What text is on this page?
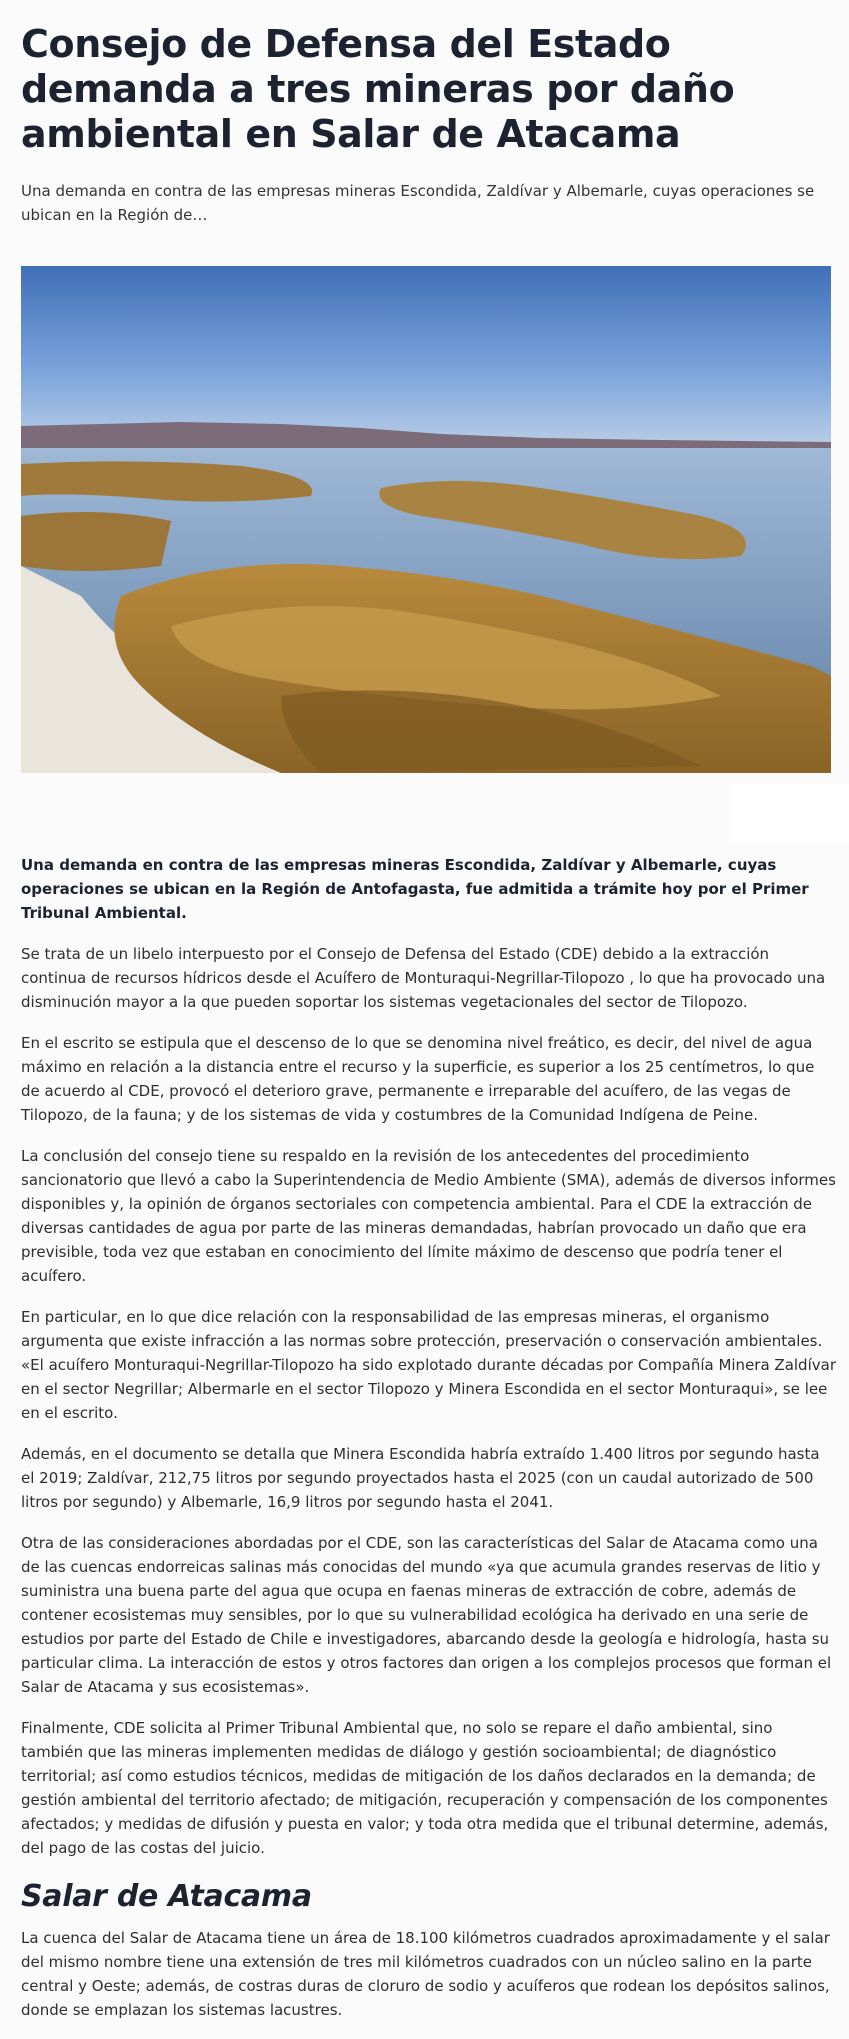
Consejo de Defensa del Estado demanda a tres mineras por daño ambiental en Salar de Atacama

Una demanda en contra de las empresas mineras Escondida, Zaldívar y Albemarle, cuyas operaciones se ubican en la Región de…

Una demanda en contra de las empresas mineras Escondida, Zaldívar y Albemarle, cuyas operaciones se ubican en la Región de Antofagasta, fue admitida a trámite hoy por el Primer Tribunal Ambiental.

Se trata de un libelo interpuesto por el Consejo de Defensa del Estado (CDE) debido a la extracción continua de recursos hídricos desde el Acuífero de Monturaqui-Negrillar-Tilopozo , lo que ha provocado una disminución mayor a la que pueden soportar los sistemas vegetacionales del sector de Tilopozo.

En el escrito se estipula que el descenso de lo que se denomina nivel freático, es decir, del nivel de agua máximo en relación a la distancia entre el recurso y la superficie, es superior a los 25 centímetros, lo que de acuerdo al CDE, provocó el deterioro grave, permanente e irreparable del acuífero, de las vegas de Tilopozo, de la fauna; y de los sistemas de vida y costumbres de la Comunidad Indígena de Peine.

La conclusión del consejo tiene su respaldo en la revisión de los antecedentes del procedimiento sancionatorio que llevó a cabo la Superintendencia de Medio Ambiente (SMA), además de diversos informes disponibles y, la opinión de órganos sectoriales con competencia ambiental. Para el CDE la extracción de diversas cantidades de agua por parte de las mineras demandadas, habrían provocado un daño que era previsible, toda vez que estaban en conocimiento del límite máximo de descenso que podría tener el acuífero.

En particular, en lo que dice relación con la responsabilidad de las empresas mineras, el organismo argumenta que existe infracción a las normas sobre protección, preservación o conservación ambientales. «El acuífero Monturaqui-Negrillar-Tilopozo ha sido explotado durante décadas por Compañía Minera Zaldívar en el sector Negrillar; Albermarle en el sector Tilopozo y Minera Escondida en el sector Monturaqui», se lee en el escrito.

Además, en el documento se detalla que Minera Escondida habría extraído 1.400 litros por segundo hasta el 2019; Zaldívar, 212,75 litros por segundo proyectados hasta el 2025 (con un caudal autorizado de 500 litros por segundo) y Albemarle, 16,9 litros por segundo hasta el 2041.

Otra de las consideraciones abordadas por el CDE, son las características del Salar de Atacama como una de las cuencas endorreicas salinas más conocidas del mundo «ya que acumula grandes reservas de litio y suministra una buena parte del agua que ocupa en faenas mineras de extracción de cobre, además de contener ecosistemas muy sensibles, por lo que su vulnerabilidad ecológica ha derivado en una serie de estudios por parte del Estado de Chile e investigadores, abarcando desde la geología e hidrología, hasta su particular clima. La interacción de estos y otros factores dan origen a los complejos procesos que forman el Salar de Atacama y sus ecosistemas».

Finalmente, CDE solicita al Primer Tribunal Ambiental que, no solo se repare el daño ambiental, sino también que las mineras implementen medidas de diálogo y gestión socioambiental; de diagnóstico territorial; así como estudios técnicos, medidas de mitigación de los daños declarados en la demanda; de gestión ambiental del territorio afectado; de mitigación, recuperación y compensación de los componentes afectados; y medidas de difusión y puesta en valor; y toda otra medida que el tribunal determine, además, del pago de las costas del juicio.

Salar de Atacama

La cuenca del Salar de Atacama tiene un área de 18.100 kilómetros cuadrados aproximadamente y el salar del mismo nombre tiene una extensión de tres mil kilómetros cuadrados con un núcleo salino en la parte central y Oeste; además, de costras duras de cloruro de sodio y acuíferos que rodean los depósitos salinos, donde se emplazan los sistemas lacustres.
